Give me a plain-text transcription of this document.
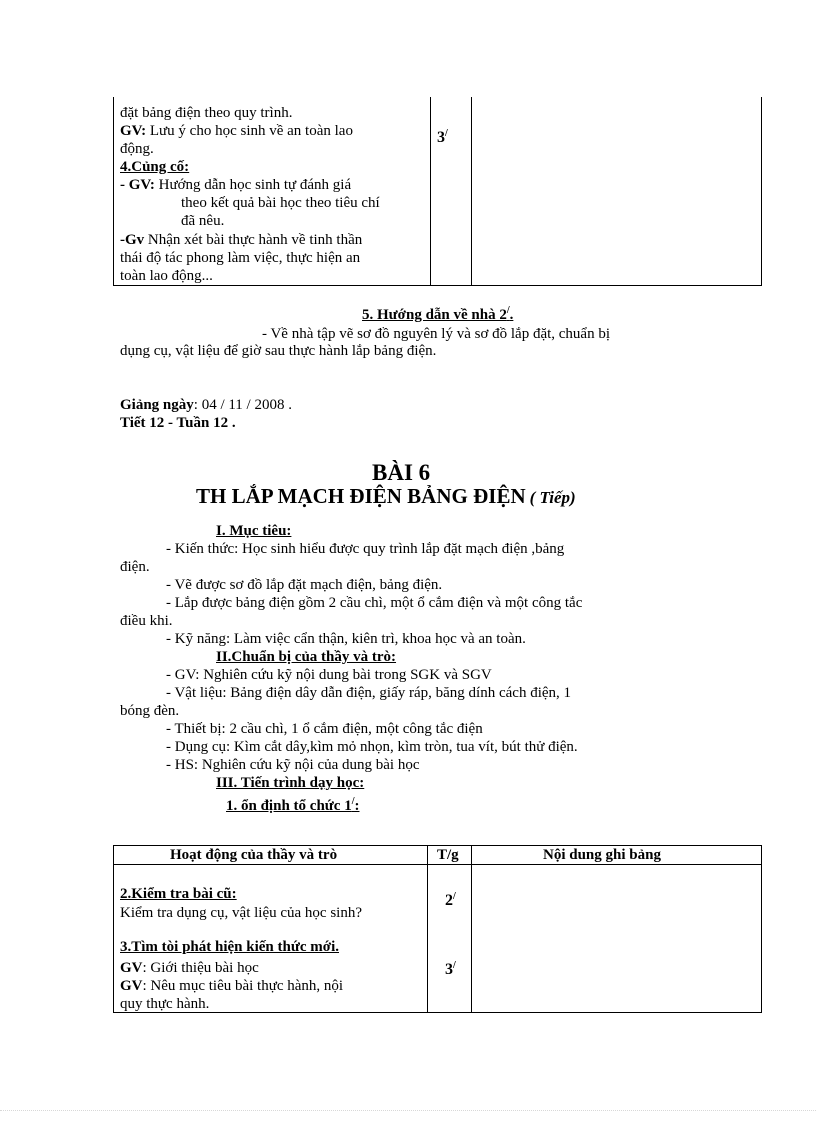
đặt bảng điện theo quy trình.
GV: Lưu ý cho học sinh về an toàn lao
động.
4.Củng cố:
- GV: Hướng dẫn học sinh tự đánh giá
theo kết quả bài học theo tiêu chí
đã nêu.
-Gv Nhận xét bài thực hành về tinh thần
thái độ tác phong làm việc, thực hiện an
toàn lao động...
3/
5. Hướng dẫn về nhà 2/.
- Về nhà tập vẽ sơ đồ nguyên lý và sơ đồ lắp đặt, chuẩn bị
dụng cụ, vật liệu để giờ sau thực hành lắp bảng điện.
Giảng ngày: 04 / 11 / 2008 .
Tiết 12 - Tuần 12 .
BÀI 6
TH LẮP MẠCH ĐIỆN BẢNG ĐIỆN ( Tiếp)
I. Mục tiêu:
- Kiến thức: Học sinh hiểu được quy trình lắp đặt mạch điện ,bảng
điện.
- Vẽ được sơ đồ lắp đặt mạch điện, bảng điện.
- Lắp được bảng điện gồm 2 cầu chì, một ổ cắm điện và một công tắc
điều khi.
- Kỹ năng: Làm việc cẩn thận, kiên trì, khoa học và an toàn.
II.Chuẩn bị của thầy và trò:
- GV: Nghiên cứu kỹ nội dung bài trong SGK và SGV
- Vật liệu: Bảng điện dây dẫn điện, giấy ráp, băng dính cách điện, 1
bóng đèn.
- Thiết bị: 2 cầu chì, 1 ổ cắm điện, một công tắc điện
- Dụng cụ: Kìm cắt dây,kìm mỏ nhọn, kìm tròn, tua vít, bút thử điện.
- HS: Nghiên cứu kỹ nội của dung bài học
III. Tiến trình dạy học:
1. ổn định tổ chức 1/:
Hoạt động của thầy và trò	T/g	Nội dung ghi bảng
2.Kiểm tra bài cũ:
Kiểm tra dụng cụ, vật liệu của học sinh?
2/
3.Tìm tòi phát hiện kiến thức mới.
GV: Giới thiệu bài học
GV: Nêu mục tiêu bài thực hành, nội
quy thực hành.
3/
